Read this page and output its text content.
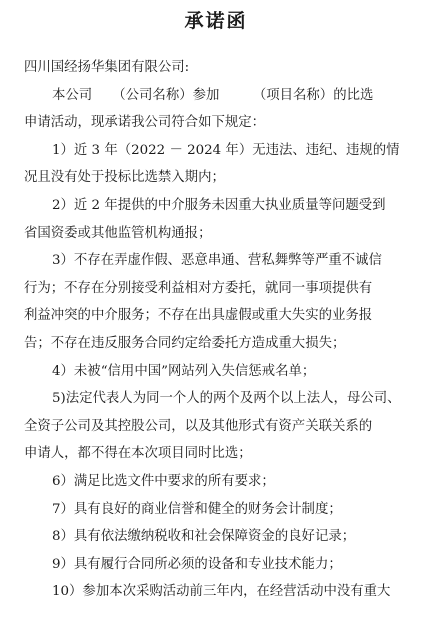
承诺函
四川国经扬华集团有限公司:
本公司　　（公司名称）参加　　　（项目名称）的比选
申请活动，现承诺我公司符合如下规定：
1）近 3 年（2022 － 2024 年）无违法、违纪、违规的情
况且没有处于投标比选禁入期内；
2）近 2 年提供的中介服务未因重大执业质量等问题受到
省国资委或其他监管机构通报；
3）不存在弄虚作假、恶意串通、营私舞弊等严重不诚信
行为；不存在分别接受利益相对方委托，就同一事项提供有
利益冲突的中介服务；不存在出具虚假或重大失实的业务报
告；不存在违反服务合同约定给委托方造成重大损失；
4）未被“信用中国”网站列入失信惩戒名单；
5)法定代表人为同一个人的两个及两个以上法人，母公司、
全资子公司及其控股公司，以及其他形式有资产关联关系的
申请人，都不得在本次项目同时比选；
6）满足比选文件中要求的所有要求；
7）具有良好的商业信誉和健全的财务会计制度；
8）具有依法缴纳税收和社会保障资金的良好记录；
9）具有履行合同所必须的设备和专业技术能力；
10）参加本次采购活动前三年内，在经营活动中没有重大
